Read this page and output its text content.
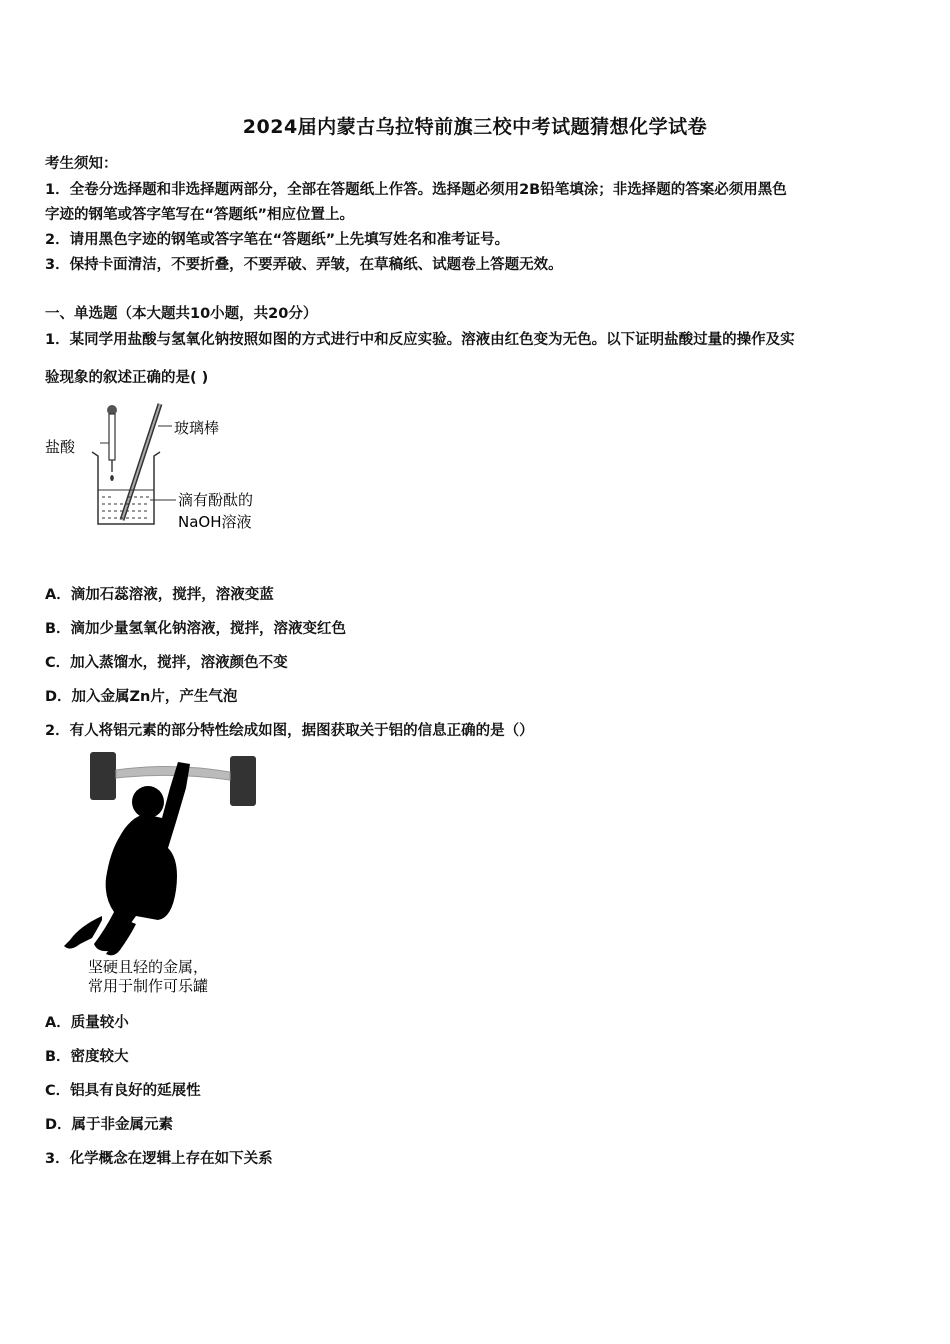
2024届内蒙古乌拉特前旗三校中考试题猜想化学试卷
考生须知：
1．全卷分选择题和非选择题两部分，全部在答题纸上作答。选择题必须用2B铅笔填涂；非选择题的答案必须用黑色
字迹的钢笔或答字笔写在“答题纸”相应位置上。
2．请用黑色字迹的钢笔或答字笔在“答题纸”上先填写姓名和准考证号。
3．保持卡面清洁，不要折叠，不要弄破、弄皱，在草稿纸、试题卷上答题无效。
一、单选题（本大题共10小题，共20分）
1．某同学用盐酸与氢氧化钠按照如图的方式进行中和反应实验。溶液由红色变为无色。以下证明盐酸过量的操作及实
验现象的叙述正确的是( )
盐酸
玻璃棒
滴有酚酞的
NaOH溶液
A．滴加石蕊溶液，搅拌，溶液变蓝
B．滴加少量氢氧化钠溶液，搅拌，溶液变红色
C．加入蒸馏水，搅拌，溶液颜色不变
D．加入金属Zn片，产生气泡
2．有人将铝元素的部分特性绘成如图，据图获取关于铝的信息正确的是（）
坚硬且轻的金属，
常用于制作可乐罐
A．质量较小
B．密度较大
C．铝具有良好的延展性
D．属于非金属元素
3．化学概念在逻辑上存在如下关系
